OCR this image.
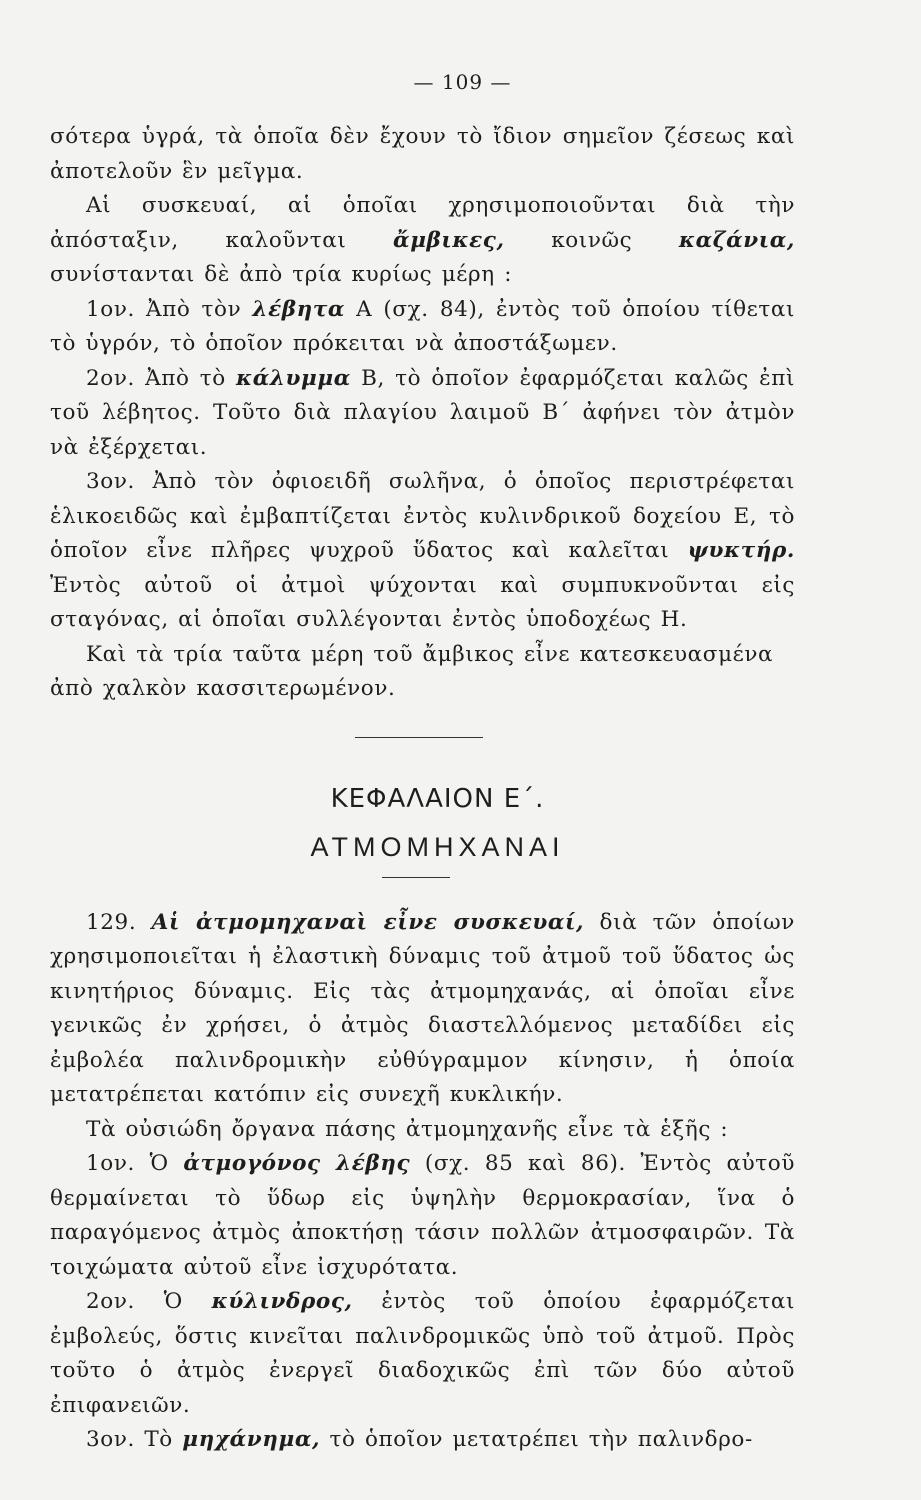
— 109 —

σότερα ὑγρά, τὰ ὁποῖα δὲν ἔχουν τὸ ἴδιον σημεῖον ζέσεως καὶ ἀποτελοῦν ἓν μεῖγμα.

Αἱ συσκευαί, αἱ ὁποῖαι χρησιμοποιοῦνται διὰ τὴν ἀπόσταξιν, καλοῦνται ἄμβικες, κοινῶς καζάνια, συνίστανται δὲ ἀπὸ τρία κυρίως μέρη :

1ον. Ἀπὸ τὸν λέβητα Α (σχ. 84), ἐντὸς τοῦ ὁποίου τίθεται τὸ ὑγρόν, τὸ ὁποῖον πρόκειται νὰ ἀποστάξωμεν.

2ον. Ἀπὸ τὸ κάλυμμα Β, τὸ ὁποῖον ἐφαρμόζεται καλῶς ἐπὶ τοῦ λέβητος. Τοῦτο διὰ πλαγίου λαιμοῦ Β΄ ἀφήνει τὸν ἀτμὸν νὰ ἐξέρχεται.

3ον. Ἀπὸ τὸν ὀφιοειδῆ σωλῆνα, ὁ ὁποῖος περιστρέφεται ἑλικοειδῶς καὶ ἐμβαπτίζεται ἐντὸς κυλινδρικοῦ δοχείου Ε, τὸ ὁποῖον εἶνε πλῆρες ψυχροῦ ὕδατος καὶ καλεῖται ψυκτήρ. Ἐντὸς αὐτοῦ οἱ ἀτμοὶ ψύχονται καὶ συμπυκνοῦνται εἰς σταγόνας, αἱ ὁποῖαι συλλέγονται ἐντὸς ὑποδοχέως Η.

Καὶ τὰ τρία ταῦτα μέρη τοῦ ἄμβικος εἶνε κατεσκευασμένα ἀπὸ χαλκὸν κασσιτερωμένον.

ΚΕΦΑΛΑΙΟΝ Ε΄.
ΑΤΜΟΜΗΧΑΝΑΙ

129. Αἱ ἀτμομηχαναὶ εἶνε συσκευαί, διὰ τῶν ὁποίων χρησιμοποιεῖται ἡ ἐλαστικὴ δύναμις τοῦ ἀτμοῦ τοῦ ὕδατος ὡς κινητήριος δύναμις. Εἰς τὰς ἀτμομηχανάς, αἱ ὁποῖαι εἶνε γενικῶς ἐν χρήσει, ὁ ἀτμὸς διαστελλόμενος μεταδίδει εἰς ἐμβολέα παλινδρομικὴν εὐθύγραμμον κίνησιν, ἡ ὁποία μετατρέπεται κατόπιν εἰς συνεχῆ κυκλικήν.

Τὰ οὐσιώδη ὄργανα πάσης ἀτμομηχανῆς εἶνε τὰ ἑξῆς :

1ον. Ὁ ἀτμογόνος λέβης (σχ. 85 καὶ 86). Ἐντὸς αὐτοῦ θερμαίνεται τὸ ὕδωρ εἰς ὑψηλὴν θερμοκρασίαν, ἵνα ὁ παραγόμενος ἀτμὸς ἀποκτήσῃ τάσιν πολλῶν ἀτμοσφαιρῶν. Τὰ τοιχώματα αὐτοῦ εἶνε ἰσχυρότατα.

2ον. Ὁ κύλινδρος, ἐντὸς τοῦ ὁποίου ἐφαρμόζεται ἐμβολεύς, ὅστις κινεῖται παλινδρομικῶς ὑπὸ τοῦ ἀτμοῦ. Πρὸς τοῦτο ὁ ἀτμὸς ἐνεργεῖ διαδοχικῶς ἐπὶ τῶν δύο αὐτοῦ ἐπιφανειῶν.

3ον. Τὸ μηχάνημα, τὸ ὁποῖον μετατρέπει τὴν παλινδρο-
